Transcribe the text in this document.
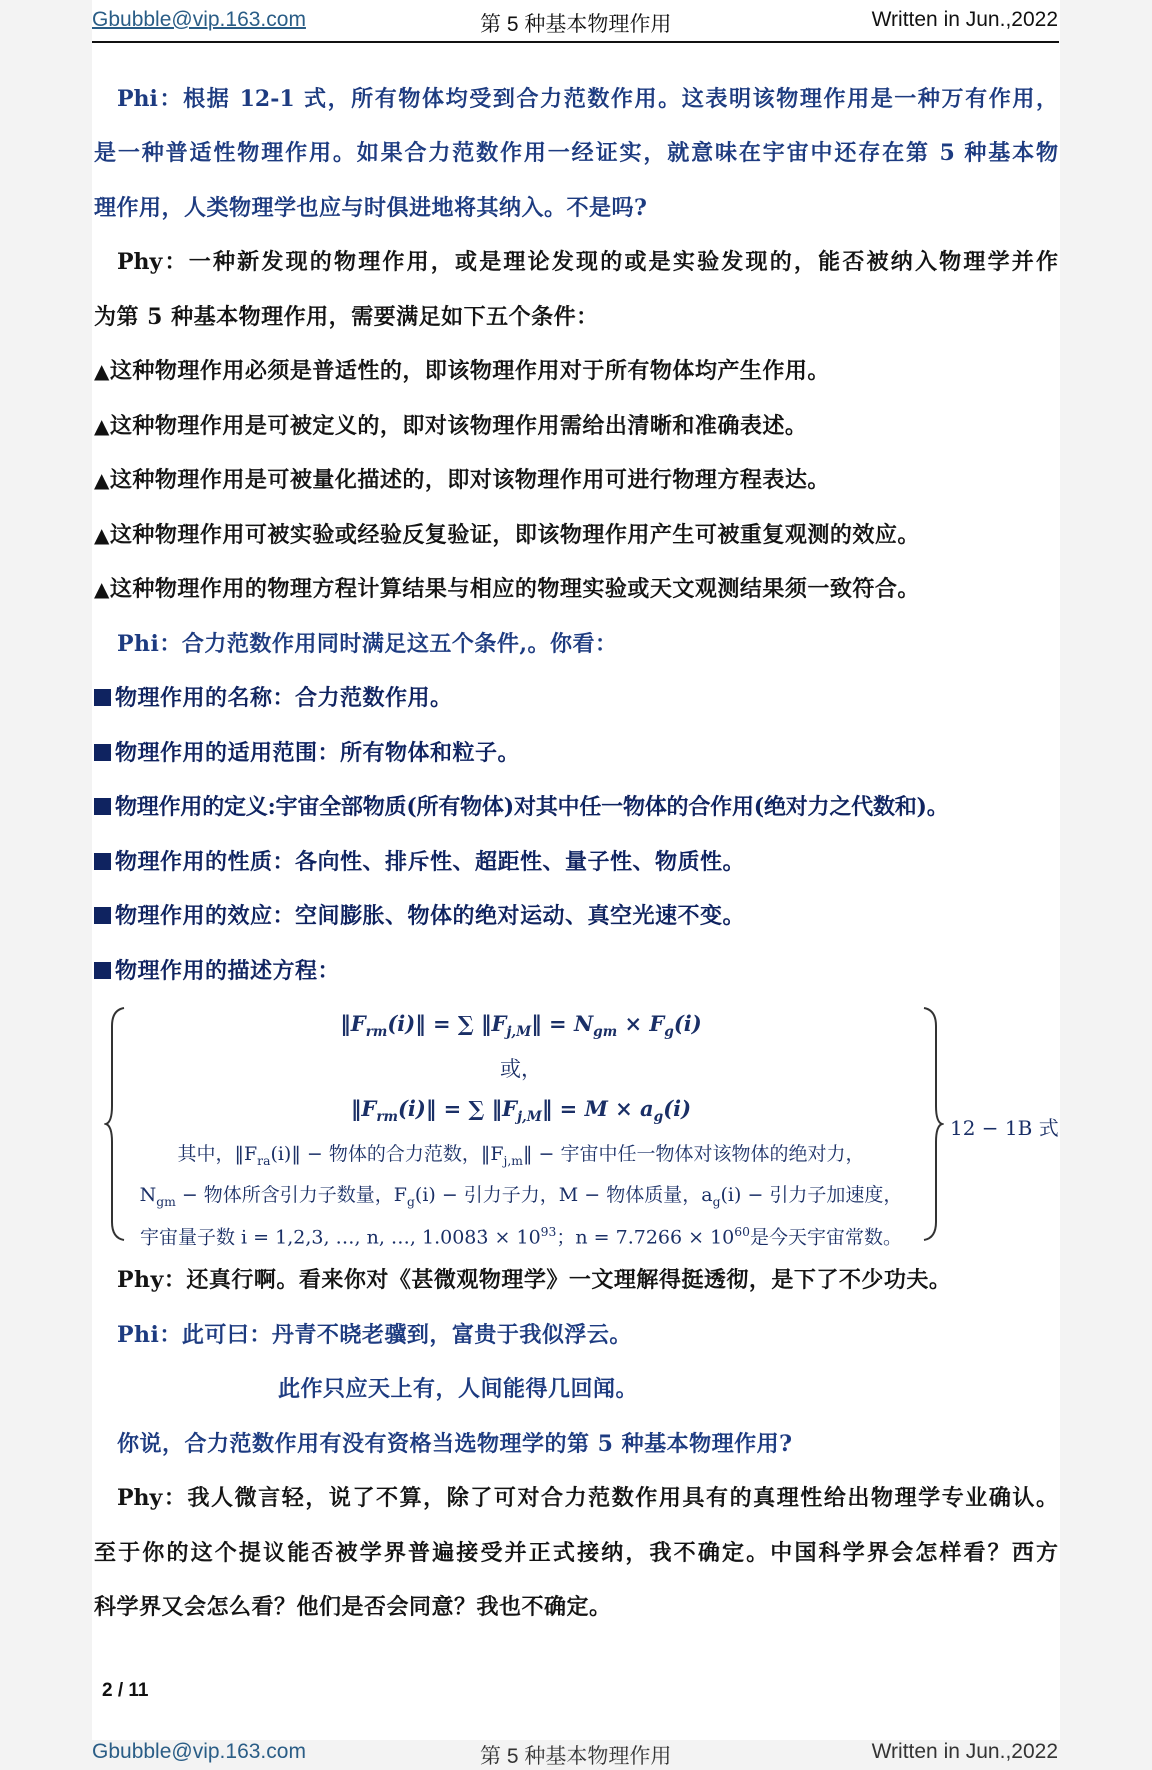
Gbubble@vip.163.com	第 5 种基本物理作用	Written in Jun.,2022
Phi：根据 12-1 式，所有物体均受到合力范数作用。这表明该物理作用是一种万有作用，
是一种普适性物理作用。如果合力范数作用一经证实，就意味在宇宙中还存在第 5 种基本物
理作用，人类物理学也应与时俱进地将其纳入。不是吗?
Phy：一种新发现的物理作用，或是理论发现的或是实验发现的，能否被纳入物理学并作
为第 5 种基本物理作用，需要满足如下五个条件：
▲这种物理作用必须是普适性的，即该物理作用对于所有物体均产生作用。
▲这种物理作用是可被定义的，即对该物理作用需给出清晰和准确表述。
▲这种物理作用是可被量化描述的，即对该物理作用可进行物理方程表达。
▲这种物理作用可被实验或经验反复验证，即该物理作用产生可被重复观测的效应。
▲这种物理作用的物理方程计算结果与相应的物理实验或天文观测结果须一致符合。
Phi：合力范数作用同时满足这五个条件,。你看：
物理作用的名称：合力范数作用。
物理作用的适用范围：所有物体和粒子。
物理作用的定义:宇宙全部物质(所有物体)对其中任一物体的合作用(绝对力之代数和)。
物理作用的性质：各向性、排斥性、超距性、量子性、物质性。
物理作用的效应：空间膨胀、物体的绝对运动、真空光速不变。
物理作用的描述方程：
12 − 1B 式
$‖F_{rm}(i)‖$ = ∑ $‖F_{j,M}‖ = N_{gm} \times F_g(i)$
或，
$‖F_{rm}(i)‖$ = ∑ $‖F_{j,M}‖ = M \times a_g(i)$
其中，$‖F_{ra}(i)‖$ − 物体的合力范数，$‖F_{j,m}‖$ − 宇宙中任一物体对该物体的绝对力，
$N_{gm}$ − 物体所含引力子数量，$F_g(i)$ − 引力子力，M − 物体质量，$a_g(i)$ − 引力子加速度，
宇宙量子数 i = 1,2,3, …, n, …, 1.0083̇ × $10^{93}$；$n = 7.7266 \times 10^{60}$是今天宇宙常数。
Phy：还真行啊。看来你对《甚微观物理学》一文理解得挺透彻，是下了不少功夫。
Phi：此可曰：丹青不晓老骥到，富贵于我似浮云。
此作只应天上有，人间能得几回闻。
你说，合力范数作用有没有资格当选物理学的第 5 种基本物理作用?
Phy：我人微言轻，说了不算，除了可对合力范数作用具有的真理性给出物理学专业确认。
至于你的这个提议能否被学界普遍接受并正式接纳，我不确定。中国科学界会怎样看？西方
科学界又会怎么看？他们是否会同意？我也不确定。
2 / 11
Gbubble@vip.163.com	第 5 种基本物理作用	Written in Jun.,2022
